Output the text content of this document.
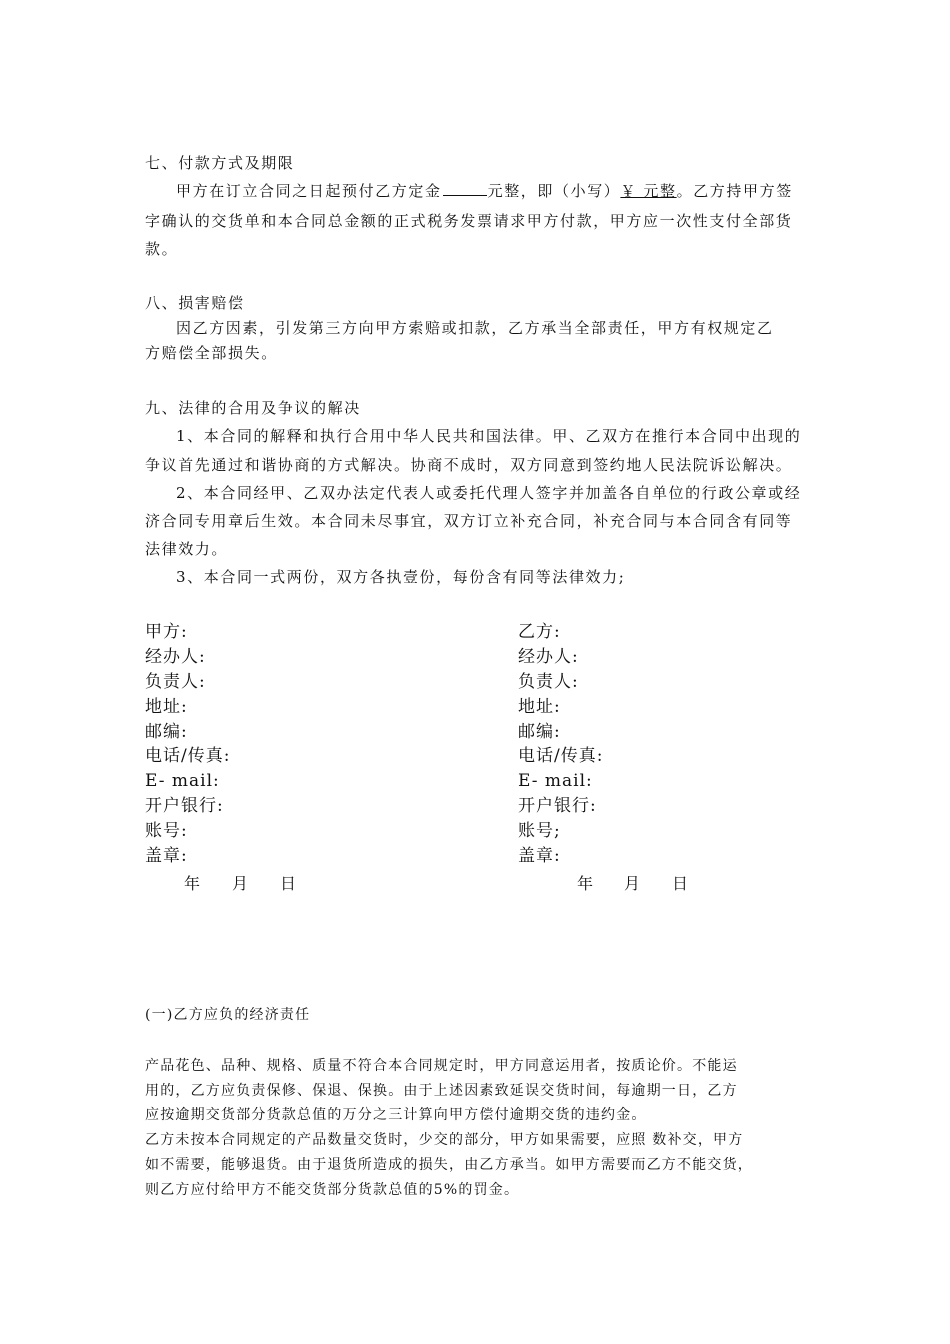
七、付款方式及期限
甲方在订立合同之日起预付乙方定金	元整，即（小写）￥ 元整。乙方持甲方签
字确认的交货单和本合同总金额的正式税务发票请求甲方付款，甲方应一次性支付全部货
款。
八、损害赔偿
因乙方因素，引发第三方向甲方索赔或扣款，乙方承当全部责任，甲方有权规定乙
方赔偿全部损失。
九、法律的合用及争议的解决
1、本合同的解释和执行合用中华人民共和国法律。甲、乙双方在推行本合同中出现的
争议首先通过和谐协商的方式解决。协商不成时，双方同意到签约地人民法院诉讼解决。
2、本合同经甲、乙双办法定代表人或委托代理人签字并加盖各自单位的行政公章或经
济合同专用章后生效。本合同未尽事宜，双方订立补充合同，补充合同与本合同含有同等
法律效力。
3、本合同一式两份，双方各执壹份，每份含有同等法律效力;
甲方:
经办人:
负责人:
地址:
邮编:
电话/传真:
E- mail:
开户银行:
账号:
盖章:
乙方:
经办人:
负责人:
地址:
邮编:
电话/传真:
E- mail:
开户银行:
账号;
盖章:
年 月 日	年 月 日
(一)乙方应负的经济责任
产品花色、品种、规格、质量不符合本合同规定时，甲方同意运用者，按质论价。不能运
用的，乙方应负责保修、保退、保换。由于上述因素致延误交货时间，每逾期一日，乙方
应按逾期交货部分货款总值的万分之三计算向甲方偿付逾期交货的违约金。
乙方未按本合同规定的产品数量交货时，少交的部分，甲方如果需要，应照 数补交，甲方
如不需要，能够退货。由于退货所造成的损失，由乙方承当。如甲方需要而乙方不能交货，
则乙方应付给甲方不能交货部分货款总值的5%的罚金。
